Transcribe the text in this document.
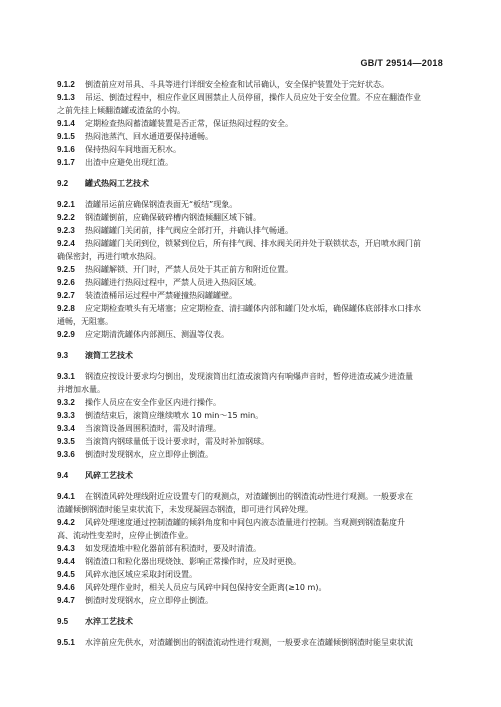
GB/T 29514—2018
9.1.2 倒渣前应对吊具、斗具等进行详细安全检查和试吊确认，安全保护装置处于完好状态。
9.1.3 吊运、倒渣过程中，相应作业区周围禁止人员停留，操作人员应处于安全位置。不应在翻渣作业
之前先挂上倾翻渣罐或渣盆的小钩。
9.1.4 定期检查热闷蓄渣罐装置是否正常，保证热闷过程的安全。
9.1.5 热闷池蒸汽、回水通道要保持通畅。
9.1.6 保持热闷车间地面无积水。
9.1.7 出渣中应避免出现红渣。
9.2 罐式热闷工艺技术
9.2.1 渣罐吊运前应确保钢渣表面无“板结”现象。
9.2.2 钢渣罐倒前，应确保破碎槽内钢渣倾翻区域下铺。
9.2.3 热闷罐罐门关闭前，排气阀应全部打开，并确认排气畅通。
9.2.4 热闷罐罐门关闭到位，锁紧到位后，所有排气阀、排水阀关闭并处于联锁状态，开启喷水阀门前
确保密封，再进行喷水热闷。
9.2.5 热闷罐解锁、开门时，严禁人员处于其正前方和附近位置。
9.2.6 热闷罐进行热闷过程中，严禁人员进入热闷区域。
9.2.7 装渣渣桶吊运过程中严禁碰撞热闷罐罐壁。
9.2.8 应定期检查喷头有无堵塞；应定期检查、清扫罐体内部和罐门处水垢，确保罐体底部排水口排水
通畅，无阻塞。
9.2.9 应定期清洗罐体内部测压、测温等仪表。
9.3 滚筒工艺技术
9.3.1 钢渣应按设计要求均匀倒出，发现滚筒出红渣或滚筒内有响爆声音时，暂停进渣或减少进渣量
并增加水量。
9.3.2 操作人员应在安全作业区内进行操作。
9.3.3 倒渣结束后，滚筒应继续喷水 10 min～15 min。
9.3.4 当滚筒设备周围积渣时，需及时清理。
9.3.5 当滚筒内钢球量低于设计要求时，需及时补加钢球。
9.3.6 倒渣时发现钢水，应立即停止倒渣。
9.4 风碎工艺技术
9.4.1 在钢渣风碎处理线附近应设置专门的观测点，对渣罐倒出的钢渣流动性进行观测。一般要求在
渣罐倾倒钢渣时能呈束状流下，未发现凝固态钢渣，即可进行风碎处理。
9.4.2 风碎处理速度通过控制渣罐的倾斜角度和中间包内液态渣量进行控制。当观测到钢渣黏度升
高、流动性变差时，应停止倒渣作业。
9.4.3 如发现渣堆中粒化器前部有积渣时，要及时清渣。
9.4.4 钢渣渣口和粒化器出现烧蚀、影响正常操作时，应及时更换。
9.4.5 风碎水池区域应采取封闭设置。
9.4.6 风碎处理作业时，相关人员应与风碎中间包保持安全距离(≥10 m)。
9.4.7 倒渣时发现钢水，应立即停止倒渣。
9.5 水淬工艺技术
9.5.1 水淬前应先供水，对渣罐倒出的钢渣流动性进行观测，一般要求在渣罐倾倒钢渣时能呈束状流
